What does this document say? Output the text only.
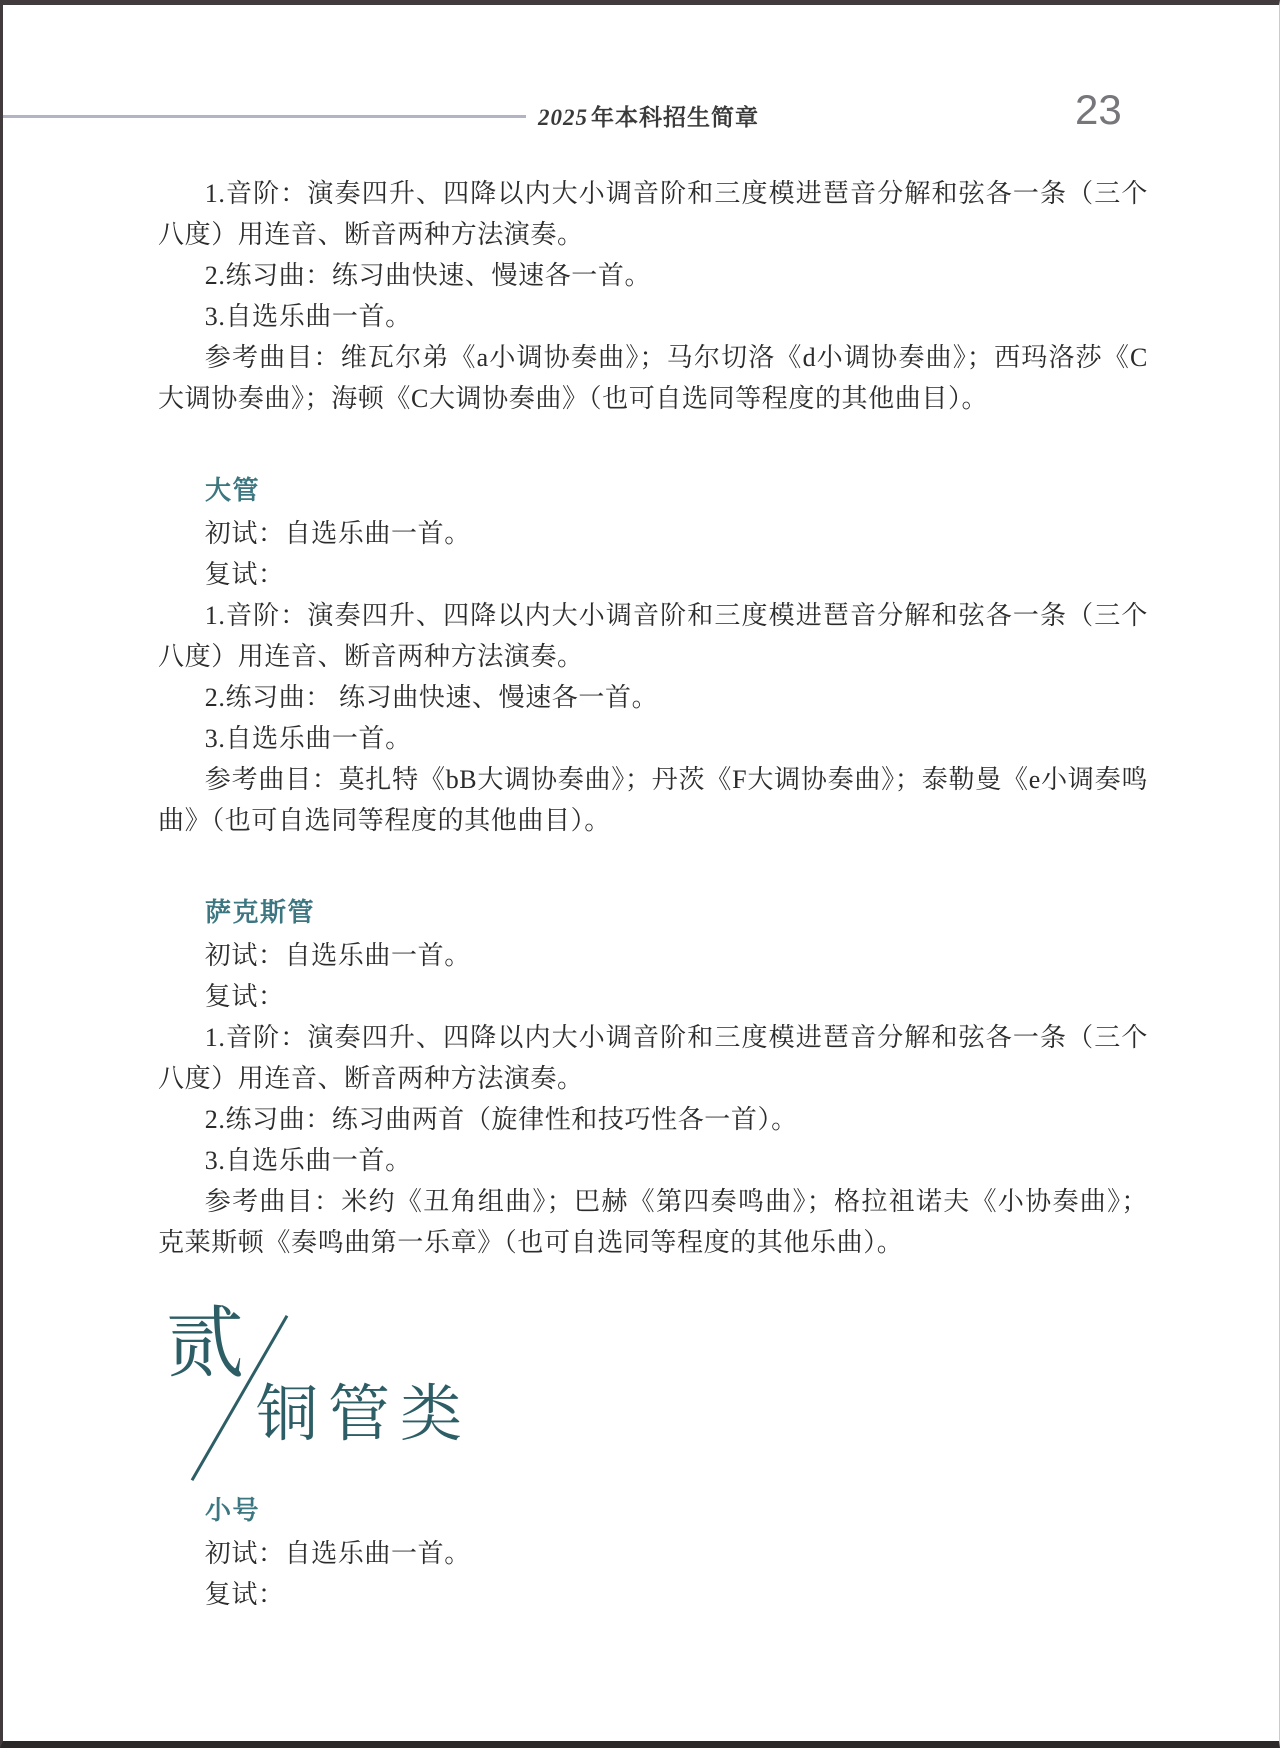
2025 年本科招生简章	23

1.音阶：演奏四升、四降以内大小调音阶和三度模进琶音分解和弦各一条（三个八度）用连音、断音两种方法演奏。

2.练习曲：练习曲快速、慢速各一首。

3.自选乐曲一首。

参考曲目：维瓦尔弟《a小调协奏曲》；马尔切洛《d小调协奏曲》；西玛洛莎《C大调协奏曲》；海顿《C大调协奏曲》（也可自选同等程度的其他曲目）。

大管

初试：自选乐曲一首。

复试：

1.音阶：演奏四升、四降以内大小调音阶和三度模进琶音分解和弦各一条（三个八度）用连音、断音两种方法演奏。

2.练习曲： 练习曲快速、慢速各一首。

3.自选乐曲一首。

参考曲目：莫扎特《bB大调协奏曲》；丹茨《F大调协奏曲》；泰勒曼《e小调奏鸣曲》（也可自选同等程度的其他曲目）。

萨克斯管

初试：自选乐曲一首。

复试：

1.音阶：演奏四升、四降以内大小调音阶和三度模进琶音分解和弦各一条（三个八度）用连音、断音两种方法演奏。

2.练习曲：练习曲两首（旋律性和技巧性各一首）。

3.自选乐曲一首。

参考曲目：米约《丑角组曲》；巴赫《第四奏鸣曲》；格拉祖诺夫《小协奏曲》；克莱斯顿《奏鸣曲第一乐章》（也可自选同等程度的其他乐曲）。

贰
铜管类
小号

初试：自选乐曲一首。

复试：
